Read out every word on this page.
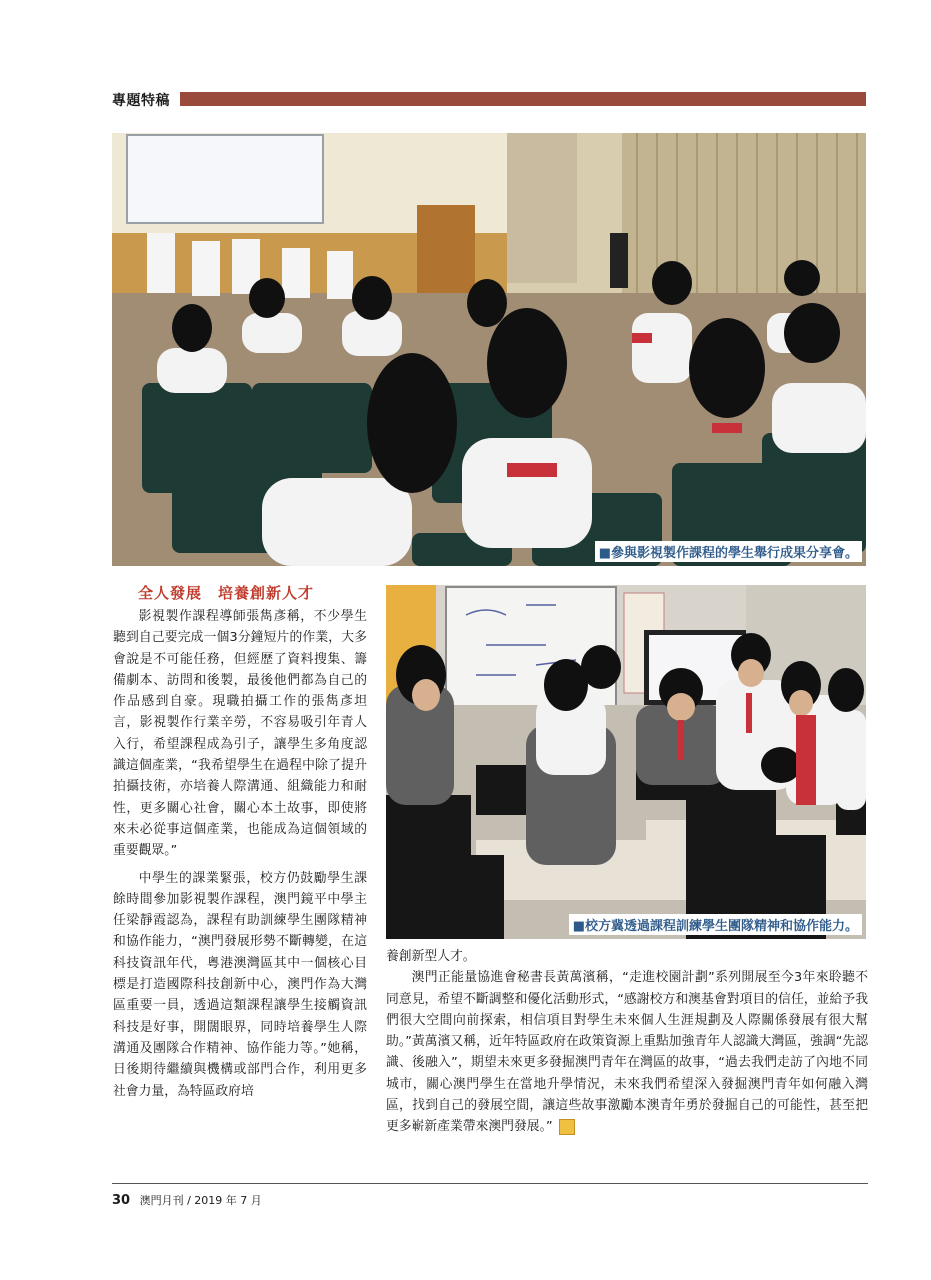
專題特稿
■ 參與影視製作課程的學生舉行成果分享會。
■ 校方冀透過課程訓練學生團隊精神和協作能力。
全人發展　培養創新人才

影視製作課程導師張雋彥稱，不少學生聽到自己要完成一個3分鐘短片的作業，大多會說是不可能任務，但經歷了資料搜集、籌備劇本、訪問和後製，最後他們都為自己的作品感到自豪。現職拍攝工作的張雋彥坦言，影視製作行業辛勞，不容易吸引年青人入行，希望課程成為引子，讓學生多角度認識這個產業，“我希望學生在過程中除了提升拍攝技術，亦培養人際溝通、組織能力和耐性，更多關心社會，關心本土故事，即使將來未必從事這個產業，也能成為這個領域的重要觀眾。”

中學生的課業緊張，校方仍鼓勵學生課餘時間參加影視製作課程，澳門鏡平中學主任梁靜霞認為，課程有助訓練學生團隊精神和協作能力，“澳門發展形勢不斷轉變，在這科技資訊年代，粵港澳灣區其中一個核心目標是打造國際科技創新中心，澳門作為大灣區重要一員，透過這類課程讓學生接觸資訊科技是好事，開闊眼界，同時培養學生人際溝通及團隊合作精神、協作能力等。”她稱，日後期待繼續與機構或部門合作，利用更多社會力量，為特區政府培

養創新型人才。

澳門正能量協進會秘書長黃萬濱稱，“走進校園計劃”系列開展至今3年來聆聽不同意見，希望不斷調整和優化活動形式，“感謝校方和澳基會對項目的信任，並給予我們很大空間向前探索，相信項目對學生未來個人生涯規劃及人際關係發展有很大幫助。”黃萬濱又稱，近年特區政府在政策資源上重點加強青年人認識大灣區，強調“先認識、後融入”，期望未來更多發掘澳門青年在灣區的故事，“過去我們走訪了內地不同城市，關心澳門學生在當地升學情況，未來我們希望深入發掘澳門青年如何融入灣區，找到自己的發展空間，讓這些故事激勵本澳青年勇於發掘自己的可能性，甚至把更多嶄新產業帶來澳門發展。”

30 澳門月刊 / 2019 年 7 月
